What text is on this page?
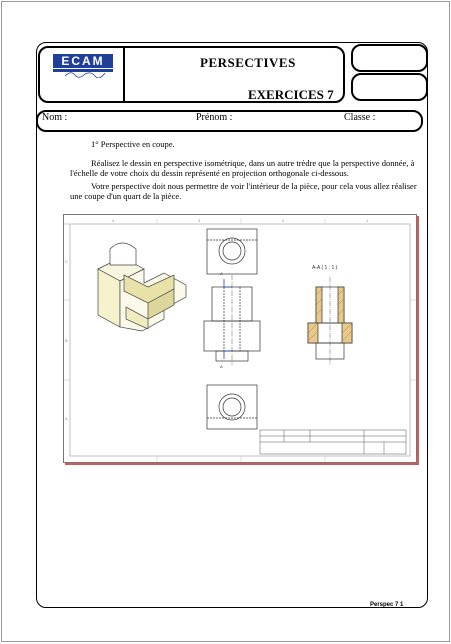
ECAM	PERSECTIVES
EXERCICES 7
Nom :	Prénom :	Classe :
1° Perspective en coupe.
Réalisez le dessin en perspective isométrique, dans un autre trèdre que la perspective donnée, à l'échelle de votre choix du dessin représenté en projection orthogonale ci-dessous.
Votre perspective doit nous permettre de voir l'intérieur de la pièce, pour cela vous allez réaliser une coupe d'un quart de la pièce.
4	3	2	1
C
B
A
A
A
A-A ( 1 : 1 )
Perspec 7 1
